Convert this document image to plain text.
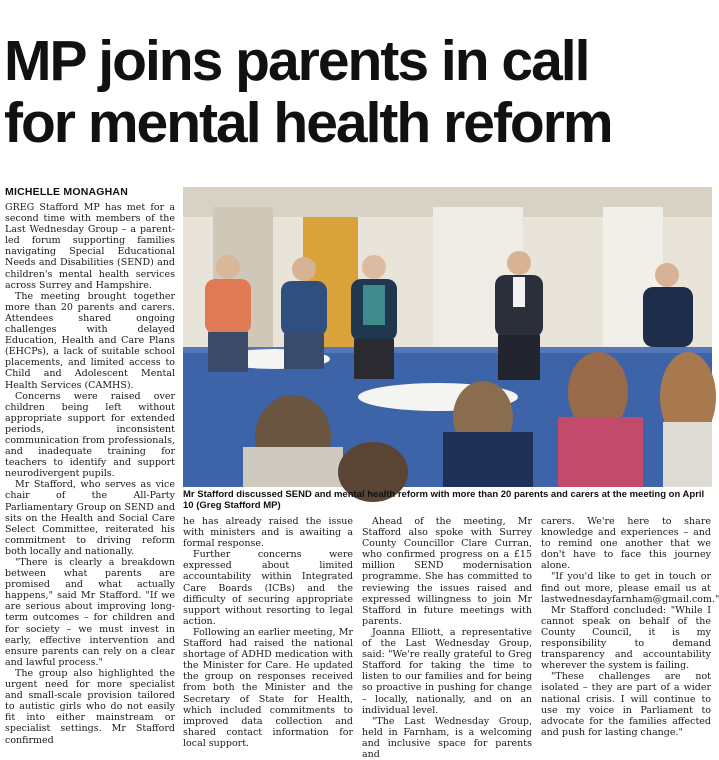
MP joins parents in call
for mental health reform
MICHELLE MONAGHAN

GREG Stafford MP has met for a second time with members of the Last Wednesday Group – a parent-led forum supporting families navigating Special Educational Needs and Disabilities (SEND) and children's mental health services across Surrey and Hampshire.

The meeting brought together more than 20 parents and carers. Attendees shared ongoing challenges with delayed Education, Health and Care Plans (EHCPs), a lack of suitable school placements, and limited access to Child and Adolescent Mental Health Services (CAMHS).

Concerns were raised over children being left without appropriate support for extended periods, inconsistent communication from professionals, and inadequate training for teachers to identify and support neurodivergent pupils.

Mr Stafford, who serves as vice chair of the All-Party Parliamentary Group on SEND and sits on the Health and Social Care Select Committee, reiterated his commitment to driving reform both locally and nationally.

"There is clearly a breakdown between what parents are promised and what actually happens," said Mr Stafford. "If we are serious about improving long-term outcomes – for children and for society – we must invest in early, effective intervention and ensure parents can rely on a clear and lawful process."

The group also highlighted the urgent need for more specialist and small-scale provision tailored to autistic girls who do not easily fit into either mainstream or specialist settings. Mr Stafford confirmed

Mr Stafford discussed SEND and mental health reform with more than 20 parents and carers at the meeting on April 10 (Greg Stafford MP)

he has already raised the issue with ministers and is awaiting a formal response.

Further concerns were expressed about limited accountability within Integrated Care Boards (ICBs) and the difficulty of securing appropriate support without resorting to legal action.

Following an earlier meeting, Mr Stafford had raised the national shortage of ADHD medication with the Minister for Care. He updated the group on responses received from both the Minister and the Secretary of State for Health, which included commitments to improved data collection and shared contact information for local support.

Ahead of the meeting, Mr Stafford also spoke with Surrey County Councillor Clare Curran, who confirmed progress on a £15 million SEND modernisation programme. She has committed to reviewing the issues raised and expressed willingness to join Mr Stafford in future meetings with parents.

Joanna Elliott, a representative of the Last Wednesday Group, said: "We're really grateful to Greg Stafford for taking the time to listen to our families and for being so proactive in pushing for change – locally, nationally, and on an individual level.

"The Last Wednesday Group, held in Farnham, is a welcoming and inclusive space for parents and

carers. We're here to share knowledge and experiences – and to remind one another that we don't have to face this journey alone.

"If you'd like to get in touch or find out more, please email us at lastwednesdayfarnham@gmail.com."

Mr Stafford concluded: "While I cannot speak on behalf of the County Council, it is my responsibility to demand transparency and accountability wherever the system is failing.

"These challenges are not isolated – they are part of a wider national crisis. I will continue to use my voice in Parliament to advocate for the families affected and push for lasting change."
